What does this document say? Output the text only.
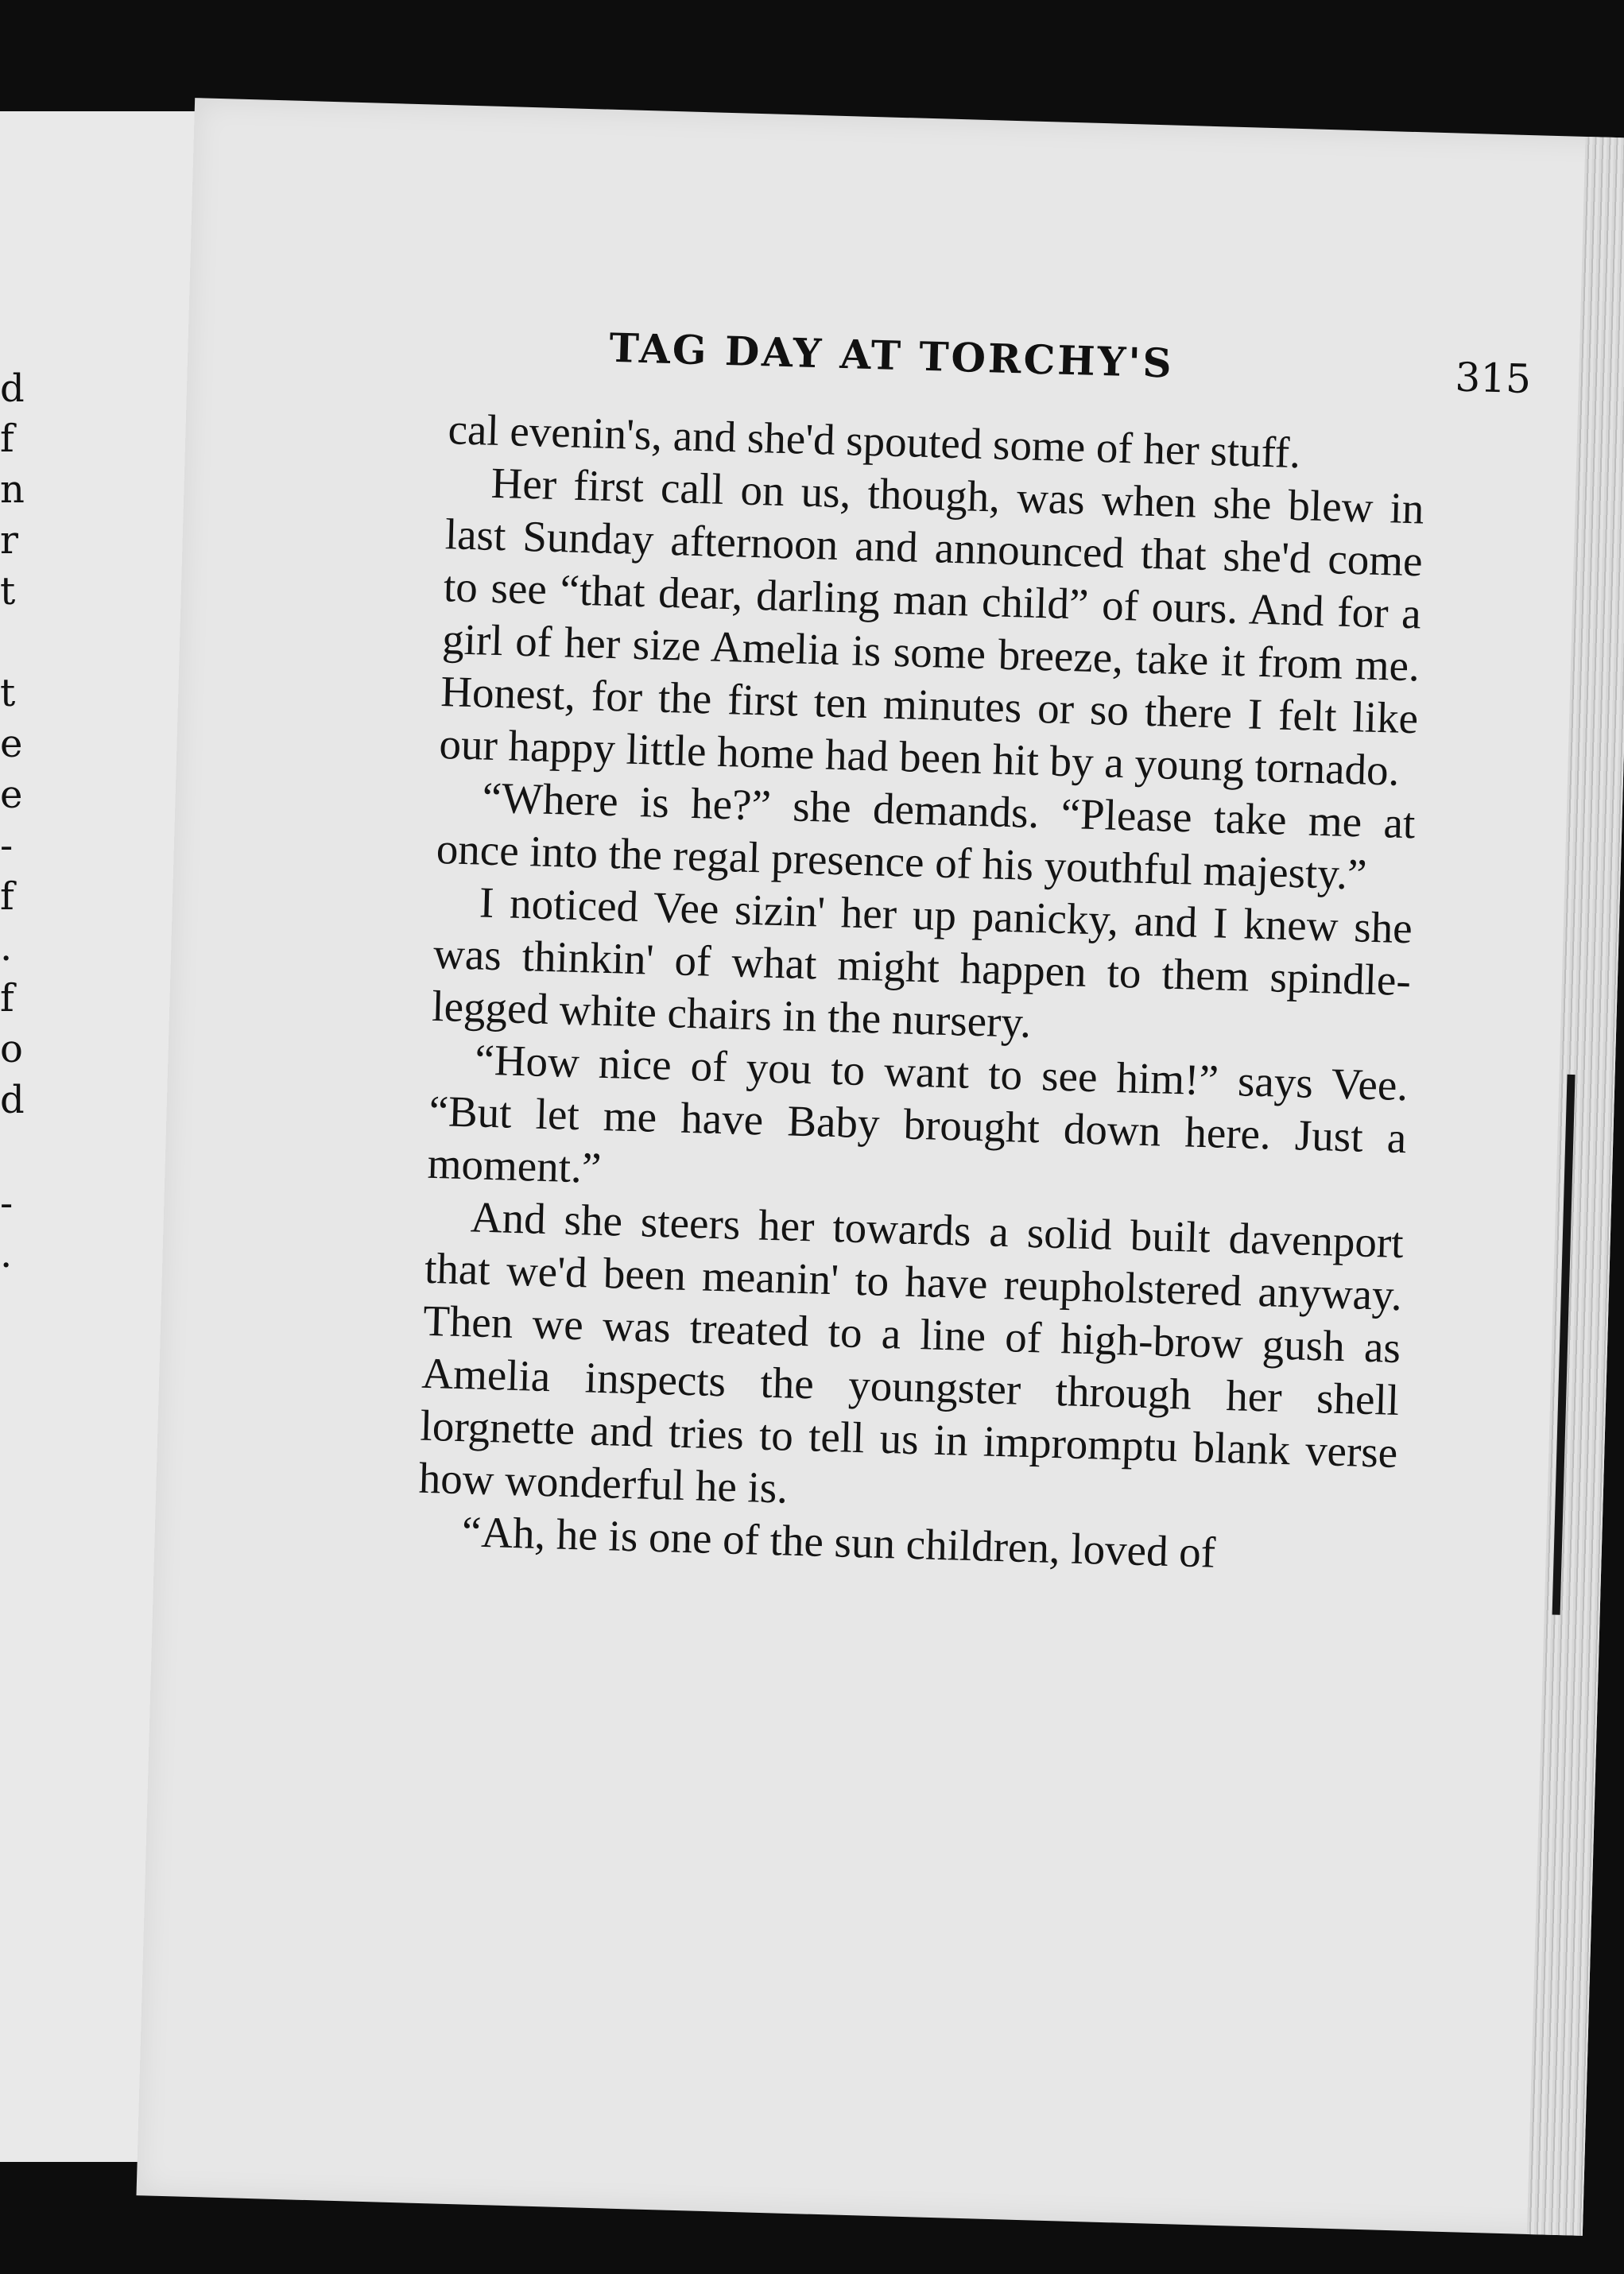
d

f

n

r

t

t

e

e

-

f

.

f

o

d

-

.

TAG DAY AT TORCHY'S	315

cal evenin's, and she'd spouted some of her stuff.

Her first call on us, though, was when she blew in last Sunday afternoon and announced that she'd come to see “that dear, darling man child” of ours. And for a girl of her size Amelia is some breeze, take it from me. Honest, for the first ten minutes or so there I felt like our happy little home had been hit by a young tornado.

“Where is he?” she demands. “Please take me at once into the regal presence of his youthful majesty.”

I noticed Vee sizin' her up panicky, and I knew she was thinkin' of what might happen to them spindle-legged white chairs in the nursery.

“How nice of you to want to see him!” says Vee. “But let me have Baby brought down here. Just a moment.”

And she steers her towards a solid built davenport that we'd been meanin' to have reupholstered anyway. Then we was treated to a line of high-brow gush as Amelia inspects the youngster through her shell lorgnette and tries to tell us in impromptu blank verse how wonderful he is.

“Ah, he is one of the sun children, loved of
